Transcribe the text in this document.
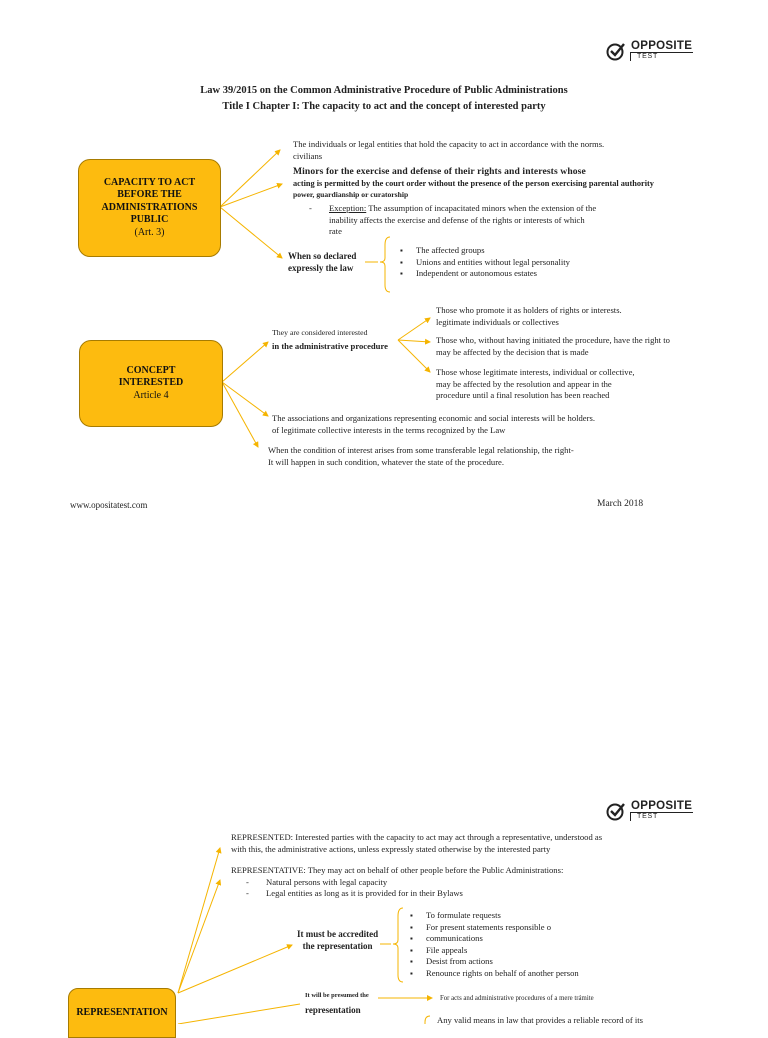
OPPOSITE
TEST
Law 39/2015 on the Common Administrative Procedure of Public Administrations
Title I Chapter I: The capacity to act and the concept of interested party
CAPACITY TO ACT
BEFORE THE
ADMINISTRATIONS
PUBLIC
(Art. 3)
The individuals or legal entities that hold the capacity to act in accordance with the norms.
civilians
Minors for the exercise and defense of their rights and interests whose
acting is permitted by the court order without the presence of the person exercising parental authority
power, guardianship or curatorship
- Exception: The assumption of incapacitated minors when the extension of the
inability affects the exercise and defense of the rights or interests of which
rate
When so declared
expressly the law
▪ The affected groups
▪ Unions and entities without legal personality
▪ Independent or autonomous estates
CONCEPT
INTERESTED
Article 4
They are considered interested
in the administrative procedure
Those who promote it as holders of rights or interests.
legitimate individuals or collectives
Those who, without having initiated the procedure, have the right to
may be affected by the decision that is made
Those whose legitimate interests, individual or collective,
may be affected by the resolution and appear in the
procedure until a final resolution has been reached
The associations and organizations representing economic and social interests will be holders.
of legitimate collective interests in the terms recognized by the Law
When the condition of interest arises from some transferable legal relationship, the right-
It will happen in such condition, whatever the state of the procedure.
www.opositatest.com	March 2018
OPPOSITE
TEST
REPRESENTED: Interested parties with the capacity to act may act through a representative, understood as
with this, the administrative actions, unless expressly stated otherwise by the interested party
REPRESENTATIVE: They may act on behalf of other people before the Public Administrations:
- Natural persons with legal capacity
- Legal entities as long as it is provided for in their Bylaws
It must be accredited
the representation
▪ To formulate requests
▪ For present statements responsible o
▪ communications
▪ File appeals
▪ Desist from actions
▪ Renounce rights on behalf of another person
It will be presumed the
representation
For acts and administrative procedures of a mere trámite
Any valid means in law that provides a reliable record of its
REPRESENTATION
